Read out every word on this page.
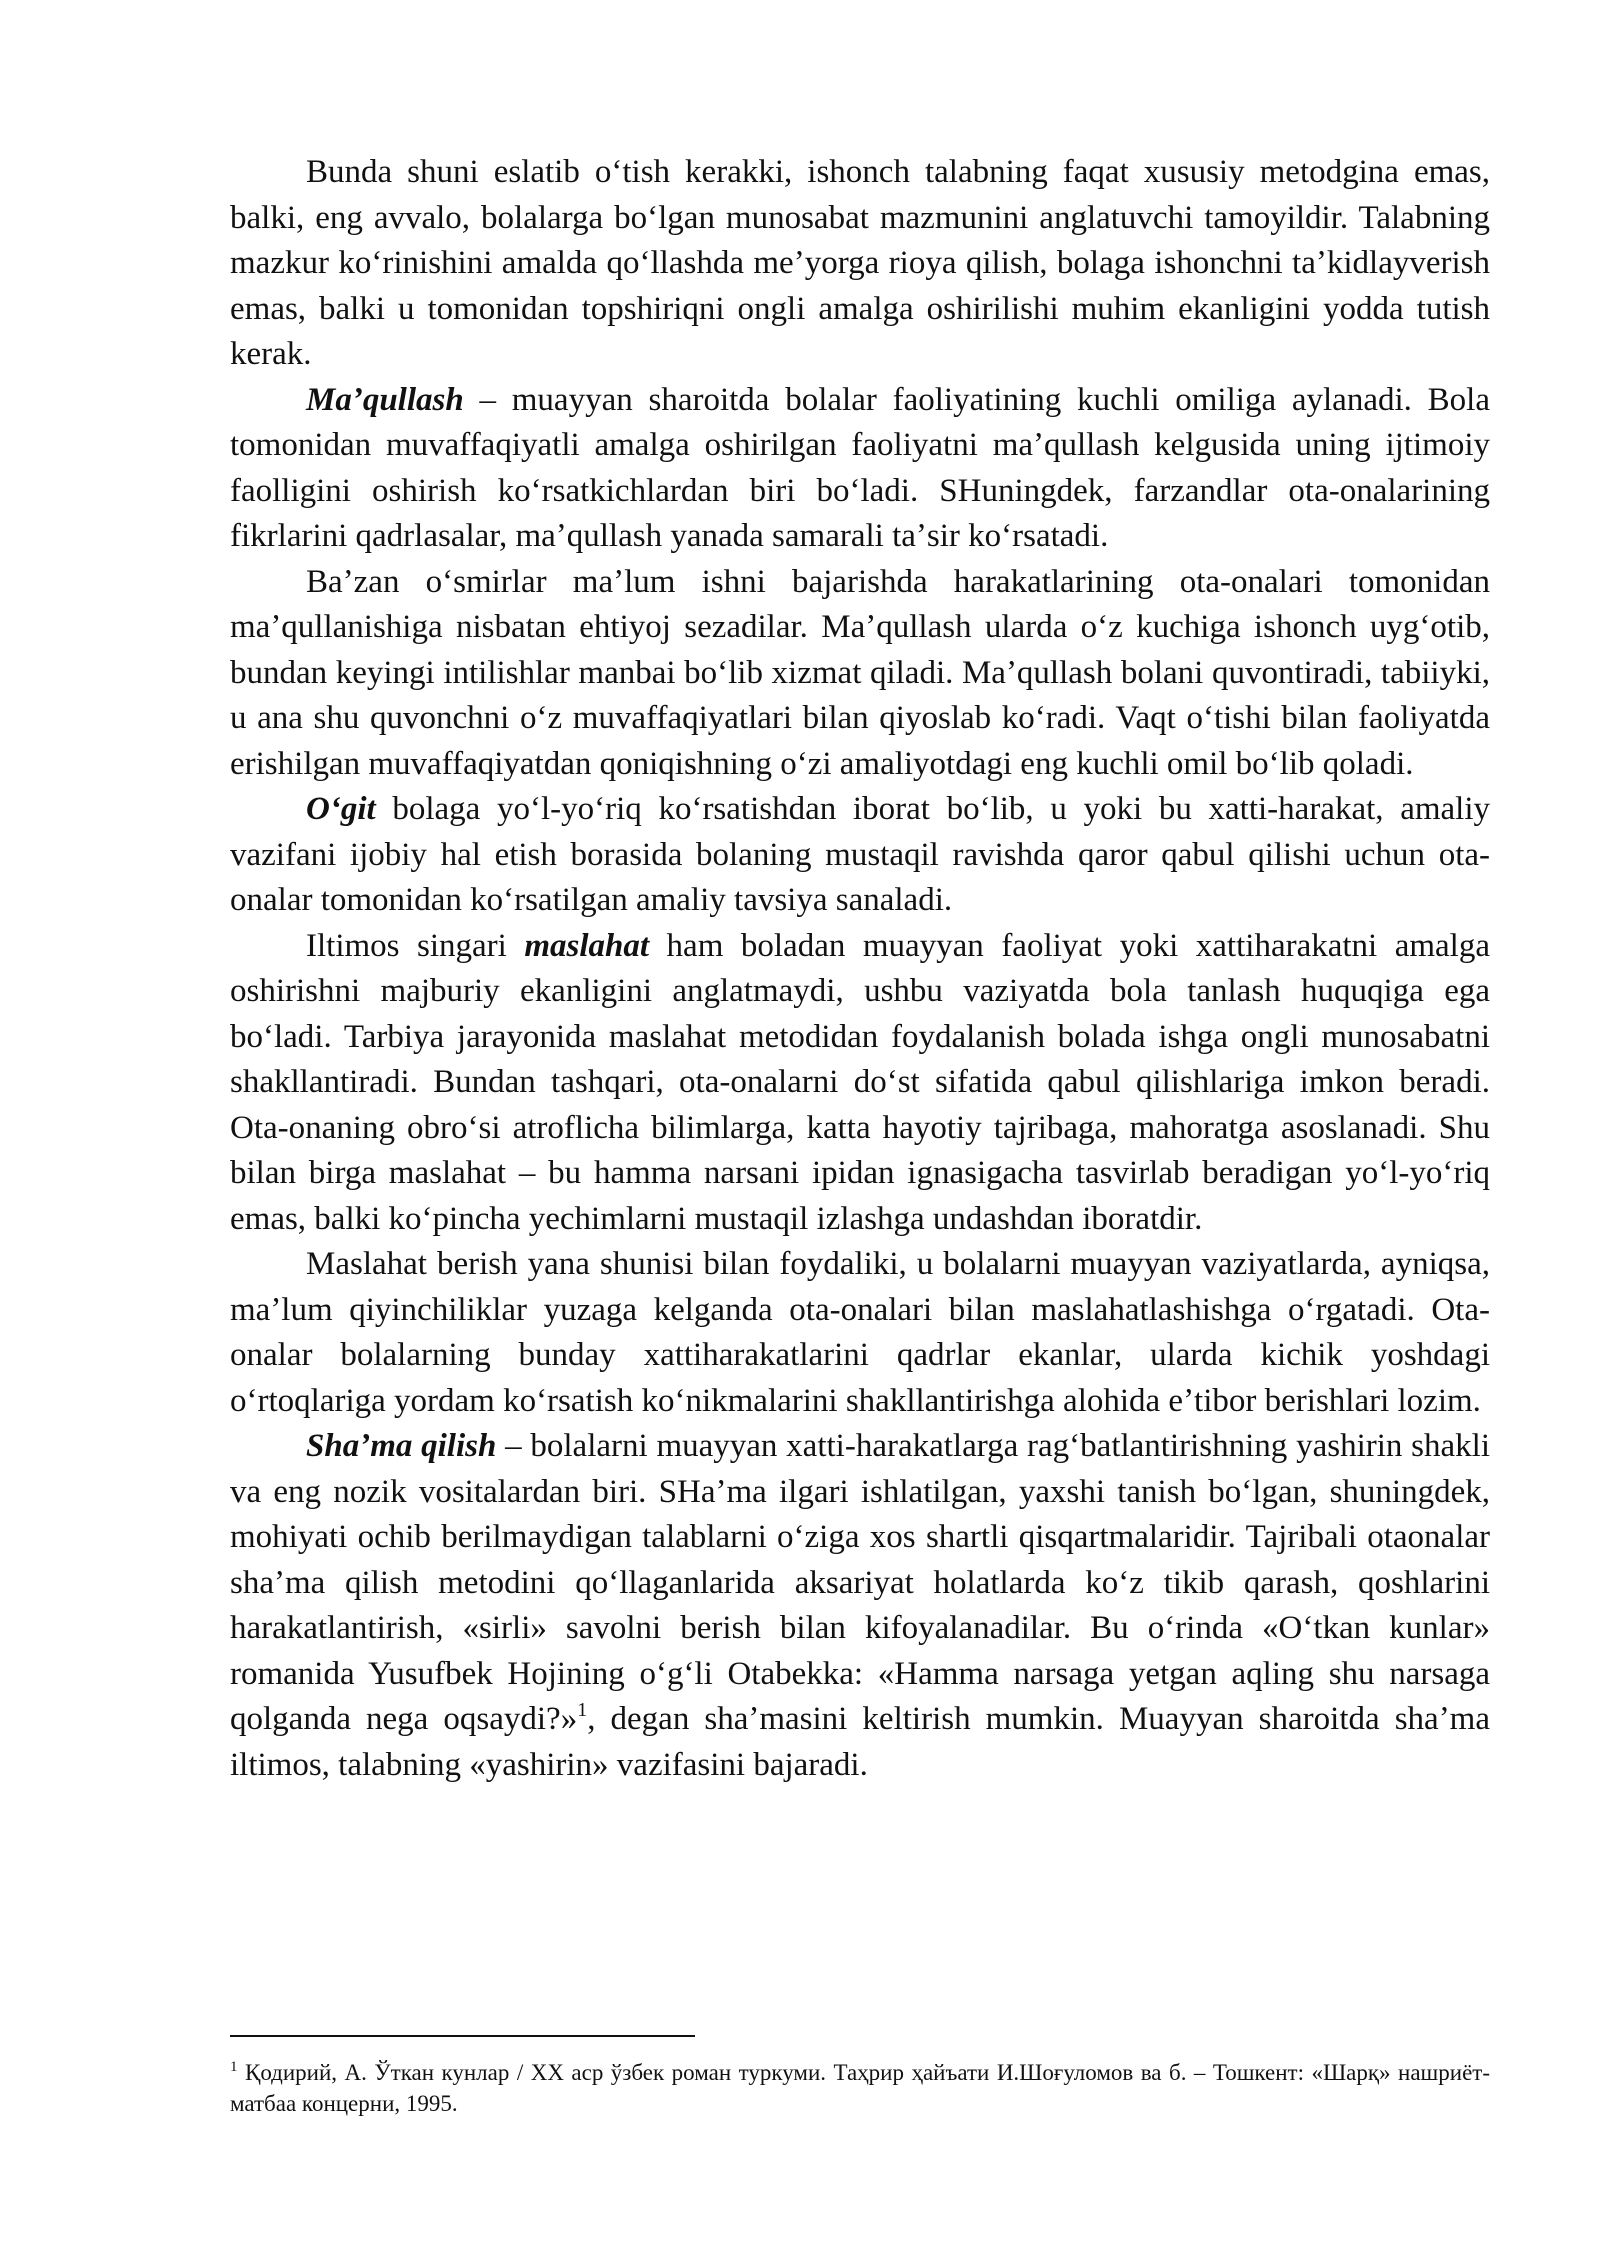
Bunda shuni eslatib oʻtish kerakki, ishonch talabning faqat xususiy metodgina emas, balki, eng avvalo, bolalarga boʻlgan munosabat mazmunini anglatuvchi tamoyildir. Talabning mazkur koʻrinishini amalda qoʻllashda meʼyorga rioya qilish, bolaga ishonchni taʼkidlayverish emas, balki u tomonidan topshiriqni ongli amalga oshirilishi muhim ekanligini yodda tutish kerak.

Maʼqullash – muayyan sharoitda bolalar faoliyatining kuchli omiliga aylanadi. Bola tomonidan muvaffaqiyatli amalga oshirilgan faoliyatni maʼqullash kelgusida uning ijtimoiy faolligini oshirish koʻrsatkichlardan biri boʻladi. SHuningdek, farzandlar ota-onalarining fikrlarini qadrlasalar, maʼqullash yanada samarali taʼsir koʻrsatadi.

Baʼzan oʻsmirlar maʼlum ishni bajarishda harakatlarining ota-onalari tomonidan maʼqullanishiga nisbatan ehtiyoj sezadilar. Maʼqullash ularda oʻz kuchiga ishonch uygʻotib, bundan keyingi intilishlar manbai boʻlib xizmat qiladi. Maʼqullash bolani quvontiradi, tabiiyki, u ana shu quvonchni oʻz muvaffaqiyatlari bilan qiyoslab koʻradi. Vaqt oʻtishi bilan faoliyatda erishilgan muvaffaqiyatdan qoniqishning oʻzi amaliyotdagi eng kuchli omil boʻlib qoladi.

Oʻgit bolaga yoʻl-yoʻriq koʻrsatishdan iborat boʻlib, u yoki bu xatti-harakat, amaliy vazifani ijobiy hal etish borasida bolaning mustaqil ravishda qaror qabul qilishi uchun ota-onalar tomonidan koʻrsatilgan amaliy tavsiya sanaladi.

Iltimos singari maslahat ham boladan muayyan faoliyat yoki xattiharakatni amalga oshirishni majburiy ekanligini anglatmaydi, ushbu vaziyatda bola tanlash huquqiga ega boʻladi. Tarbiya jarayonida maslahat metodidan foydalanish bolada ishga ongli munosabatni shakllantiradi. Bundan tashqari, ota-onalarni doʻst sifatida qabul qilishlariga imkon beradi. Ota-onaning obroʻsi atroflicha bilimlarga, katta hayotiy tajribaga, mahoratga asoslanadi. Shu bilan birga maslahat – bu hamma narsani ipidan ignasigacha tasvirlab beradigan yoʻl-yoʻriq emas, balki koʻpincha yechimlarni mustaqil izlashga undashdan iboratdir.

Maslahat berish yana shunisi bilan foydaliki, u bolalarni muayyan vaziyatlarda, ayniqsa, maʼlum qiyinchiliklar yuzaga kelganda ota-onalari bilan maslahatlashishga oʻrgatadi. Ota-onalar bolalarning bunday xattiharakatlarini qadrlar ekanlar, ularda kichik yoshdagi oʻrtoqlariga yordam koʻrsatish koʻnikmalarini shakllantirishga alohida eʼtibor berishlari lozim.

Shaʼma qilish – bolalarni muayyan xatti-harakatlarga ragʻbatlantirishning yashirin shakli va eng nozik vositalardan biri. SHaʼma ilgari ishlatilgan, yaxshi tanish boʻlgan, shuningdek, mohiyati ochib berilmaydigan talablarni oʻziga xos shartli qisqartmalaridir. Tajribali otaonalar shaʼma qilish metodini qoʻllaganlarida aksariyat holatlarda koʻz tikib qarash, qoshlarini harakatlantirish, «sirli» savolni berish bilan kifoyalanadilar. Bu oʻrinda «Oʻtkan kunlar» romanida Yusufbek Hojining oʻgʻli Otabekka: «Hamma narsaga yetgan aqling shu narsaga qolganda nega oqsaydi?»$^1$, degan shaʼmasini keltirish mumkin. Muayyan sharoitda shaʼma iltimos, talabning «yashirin» vazifasini bajaradi.

$^1$ Қодирий, А. Ўткан кунлар / XX аср ўзбек роман туркуми. Таҳрир ҳайъати И.Шоғуломов ва б. – Тошкент: «Шарқ» нашриёт-матбаа концерни, 1995.
